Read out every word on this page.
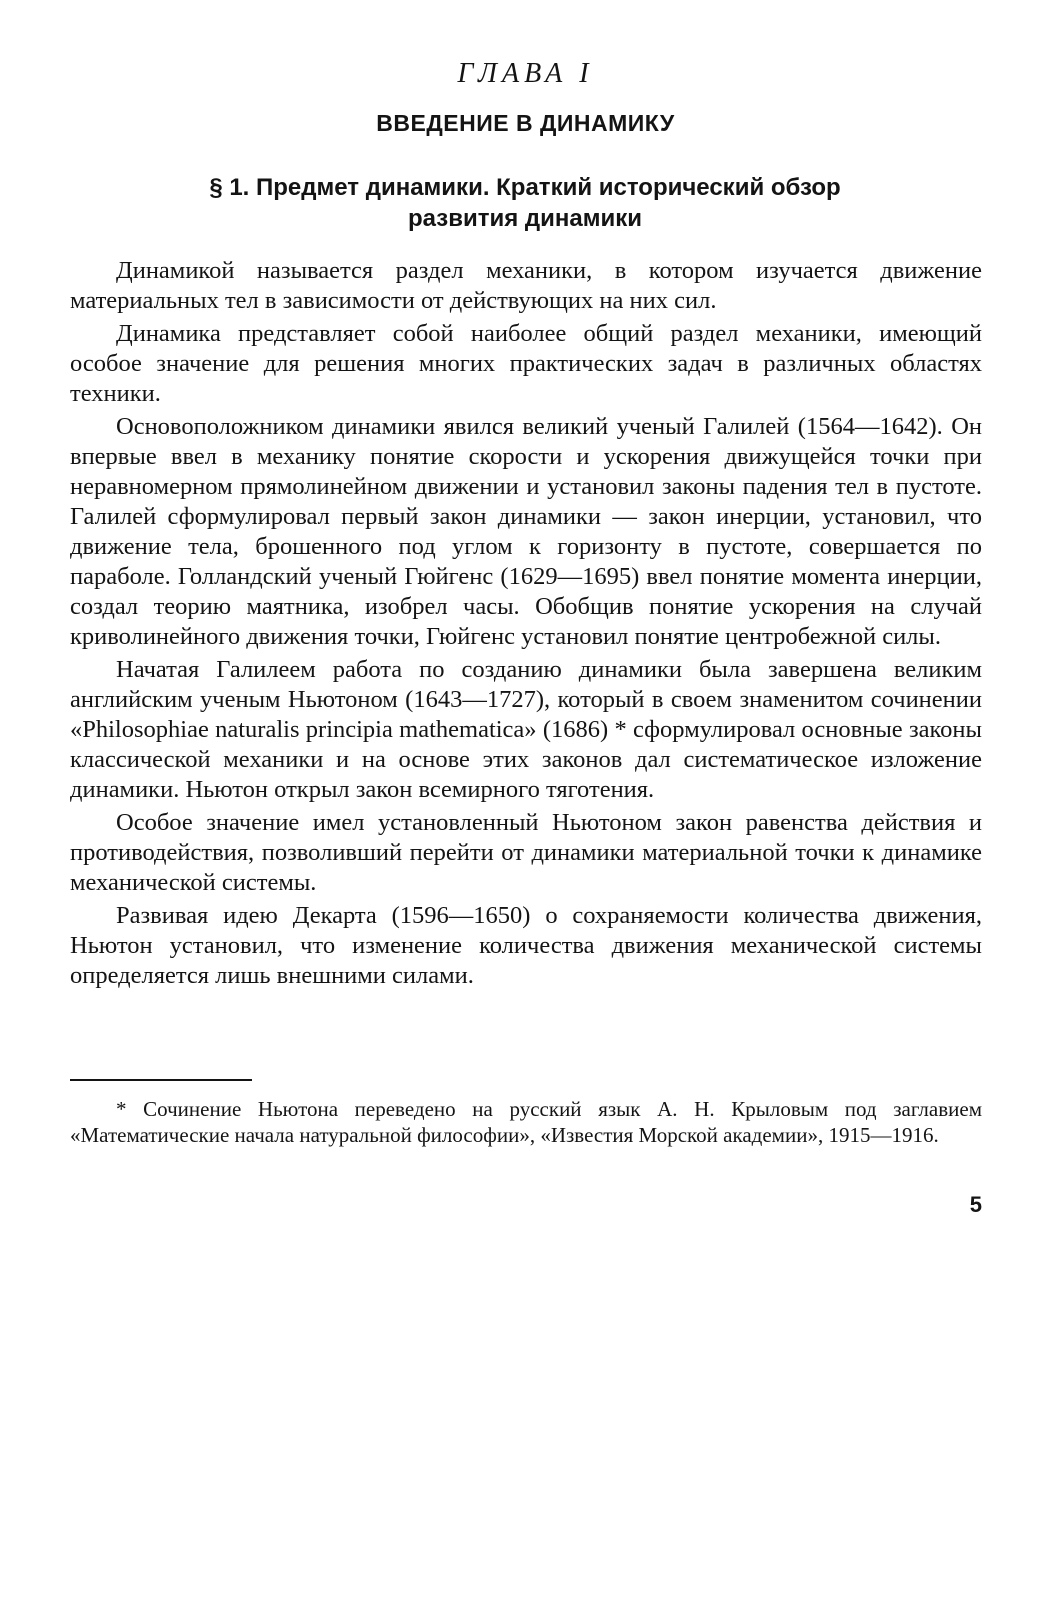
ГЛАВА I
ВВЕДЕНИЕ В ДИНАМИКУ
§ 1. Предмет динамики. Краткий исторический обзор
развития динамики

Динамикой называется раздел механики, в котором изучается движение материальных тел в зависимости от действующих на них сил.

Динамика представляет собой наиболее общий раздел механики, имеющий особое значение для решения многих практических задач в различных областях техники.

Основоположником динамики явился великий ученый Галилей (1564—1642). Он впервые ввел в механику понятие скорости и ускорения движущейся точки при неравномерном прямолинейном движении и установил законы падения тел в пустоте. Галилей сформулировал первый закон динамики — закон инерции, установил, что движение тела, брошенного под углом к горизонту в пустоте, совершается по параболе. Голландский ученый Гюйгенс (1629—1695) ввел понятие момента инерции, создал теорию маятника, изобрел часы. Обобщив понятие ускорения на случай криволинейного движения точки, Гюйгенс установил понятие центробежной силы.

Начатая Галилеем работа по созданию динамики была завершена великим английским ученым Ньютоном (1643—1727), который в своем знаменитом сочинении «Philosophiae naturalis principia mathematica» (1686) * сформулировал основные законы классической механики и на основе этих законов дал систематическое изложение динамики. Ньютон открыл закон всемирного тяготения.

Особое значение имел установленный Ньютоном закон равенства действия и противодействия, позволивший перейти от динамики материальной точки к динамике механической системы.

Развивая идею Декарта (1596—1650) о сохраняемости количества движения, Ньютон установил, что изменение количества движения механической системы определяется лишь внешними силами.

* Сочинение Ньютона переведено на русский язык А. Н. Крыловым под заглавием «Математические начала натуральной философии», «Известия Морской академии», 1915—1916.

5
